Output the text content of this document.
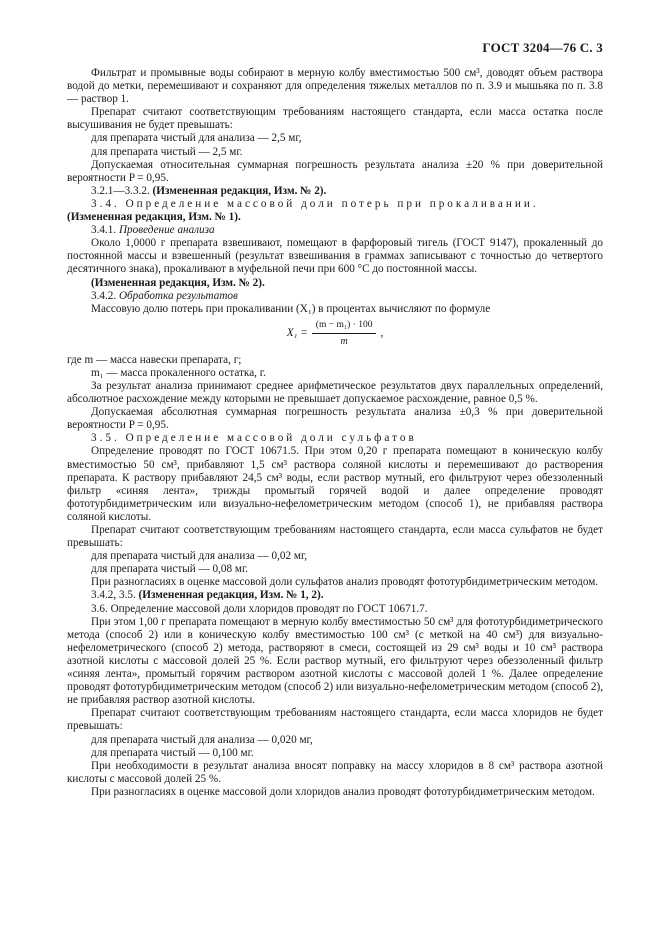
ГОСТ 3204—76 С. 3

Фильтрат и промывные воды собирают в мерную колбу вместимостью 500 см³, доводят объем раствора водой до метки, перемешивают и сохраняют для определения тяжелых металлов по п. 3.9 и мышьяка по п. 3.8 — раствор 1.

Препарат считают соответствующим требованиям настоящего стандарта, если масса остатка после высушивания не будет превышать:

для препарата чистый для анализа — 2,5 мг,

для препарата чистый — 2,5 мг.

Допускаемая относительная суммарная погрешность результата анализа ±20 % при доверительной вероятности P = 0,95.

3.2.1—3.3.2. (Измененная редакция, Изм. № 2).

3.4. Определение массовой доли потерь при прокаливании.

(Измененная редакция, Изм. № 1).

3.4.1. Проведение анализа

Около 1,0000 г препарата взвешивают, помещают в фарфоровый тигель (ГОСТ 9147), прокаленный до постоянной массы и взвешенный (результат взвешивания в граммах записывают с точностью до четвертого десятичного знака), прокаливают в муфельной печи при 600 °С до постоянной массы.

(Измененная редакция, Изм. № 2).

3.4.2. Обработка результатов

Массовую долю потерь при прокаливании (X₁) в процентах вычисляют по формуле

$X_1 = \frac{\text{(m − m₁) · 100}}{m}$ ,

где m — масса навески препарата, г;

m₁ — масса прокаленного остатка, г.

За результат анализа принимают среднее арифметическое результатов двух параллельных определений, абсолютное расхождение между которыми не превышает допускаемое расхождение, равное 0,5 %.

Допускаемая абсолютная суммарная погрешность результата анализа ±0,3 % при доверительной вероятности P = 0,95.

3.5. Определение массовой доли сульфатов

Определение проводят по ГОСТ 10671.5. При этом 0,20 г препарата помещают в коническую колбу вместимостью 50 см³, прибавляют 1,5 см³ раствора соляной кислоты и перемешивают до растворения препарата. К раствору прибавляют 24,5 см³ воды, если раствор мутный, его фильтруют через обеззоленный фильтр «синяя лента», трижды промытый горячей водой и далее определение проводят фототурбидиметрическим или визуально-нефелометрическим методом (способ 1), не прибавляя раствора соляной кислоты.

Препарат считают соответствующим требованиям настоящего стандарта, если масса сульфатов не будет превышать:

для препарата чистый для анализа — 0,02 мг,

для препарата чистый — 0,08 мг.

При разногласиях в оценке массовой доли сульфатов анализ проводят фототурбидиметрическим методом.

3.4.2, 3.5. (Измененная редакция, Изм. № 1, 2).

3.6. Определение массовой доли хлоридов проводят по ГОСТ 10671.7.

При этом 1,00 г препарата помещают в мерную колбу вместимостью 50 см³ для фототурбидиметрического метода (способ 2) или в коническую колбу вместимостью 100 см³ (с меткой на 40 см³) для визуально-нефелометрического (способ 2) метода, растворяют в смеси, состоящей из 29 см³ воды и 10 см³ раствора азотной кислоты с массовой долей 25 %. Если раствор мутный, его фильтруют через обеззоленный фильтр «синяя лента», промытый горячим раствором азотной кислоты с массовой долей 1 %. Далее определение проводят фототурбидиметрическим методом (способ 2) или визуально-нефелометрическим методом (способ 2), не прибавляя раствор азотной кислоты.

Препарат считают соответствующим требованиям настоящего стандарта, если масса хлоридов не будет превышать:

для препарата чистый для анализа — 0,020 мг,

для препарата чистый — 0,100 мг.

При необходимости в результат анализа вносят поправку на массу хлоридов в 8 см³ раствора азотной кислоты с массовой долей 25 %.

При разногласиях в оценке массовой доли хлоридов анализ проводят фототурбидиметрическим методом.
